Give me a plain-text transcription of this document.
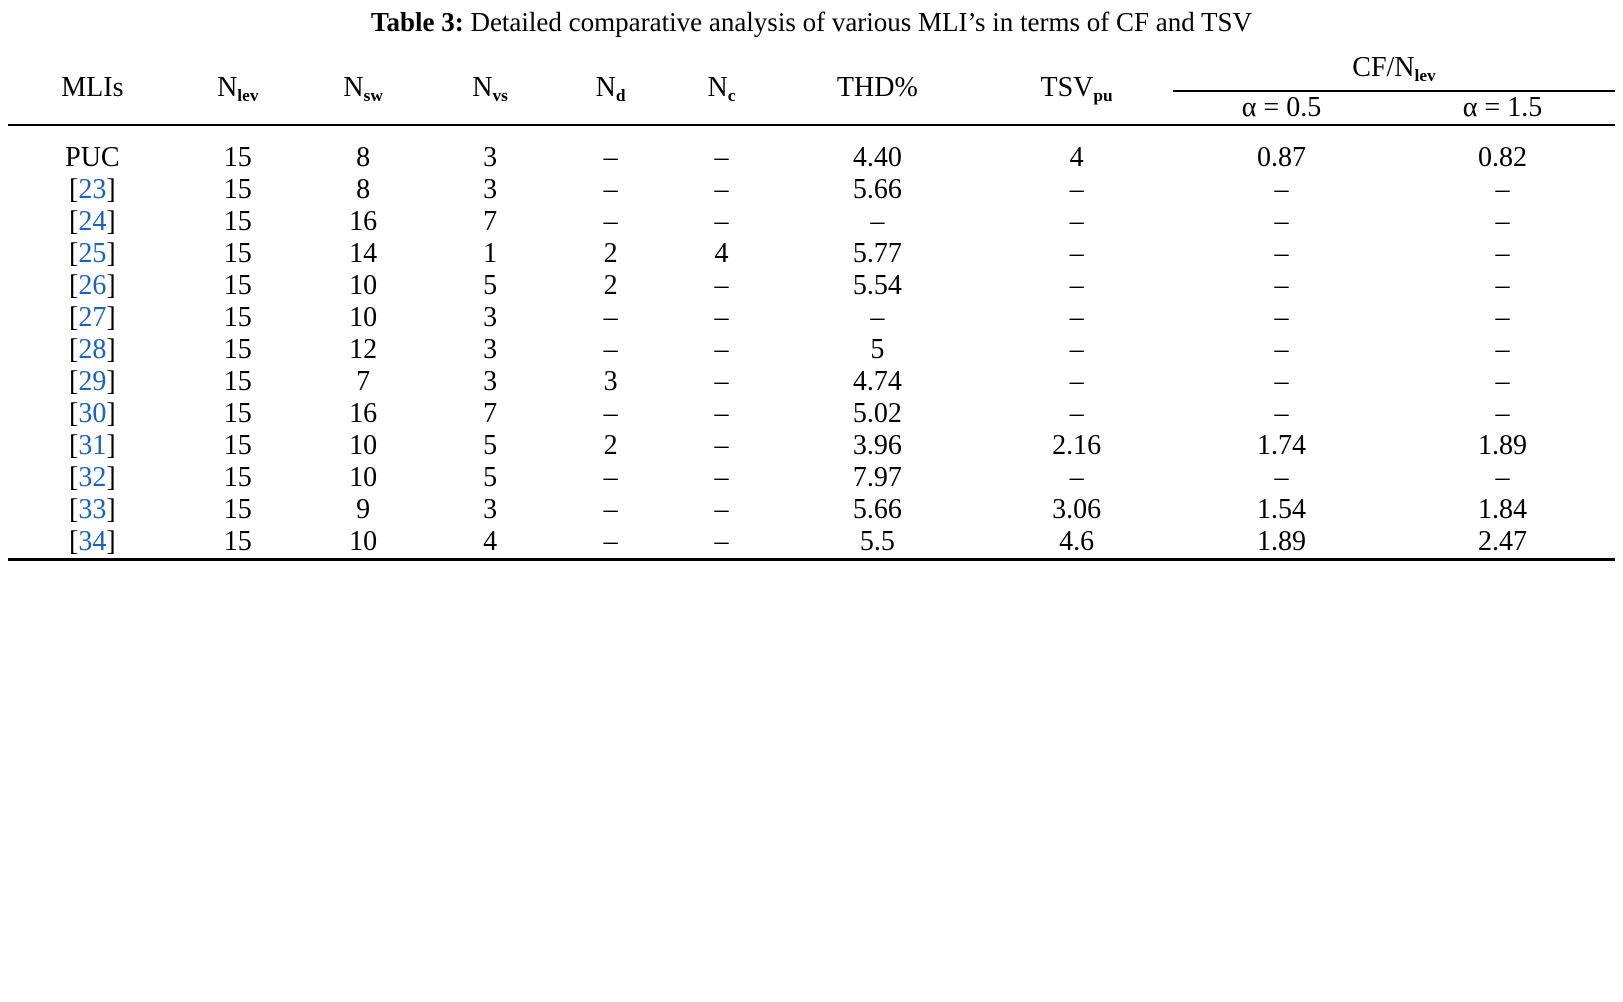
Table 3: Detailed comparative analysis of various MLI’s in terms of CF and TSV
MLIs	$N_{lev}$	$N_{sw}$	$N_{vs}$	$N_d$	$N_c$	THD%	$TSV_{pu}$	$CF/N_{lev}$
								α = 0.5	α = 1.5
PUC	15	8	3	–	–	4.40	4	0.87	0.82
[23]	15	8	3	–	–	5.66	–	–	–
[24]	15	16	7	–	–	–	–	–	–
[25]	15	14	1	2	4	5.77	–	–	–
[26]	15	10	5	2	–	5.54	–	–	–
[27]	15	10	3	–	–	–	–	–	–
[28]	15	12	3	–	–	5	–	–	–
[29]	15	7	3	3	–	4.74	–	–	–
[30]	15	16	7	–	–	5.02	–	–	–
[31]	15	10	5	2	–	3.96	2.16	1.74	1.89
[32]	15	10	5	–	–	7.97	–	–	–
[33]	15	9	3	–	–	5.66	3.06	1.54	1.84
[34]	15	10	4	–	–	5.5	4.6	1.89	2.47
